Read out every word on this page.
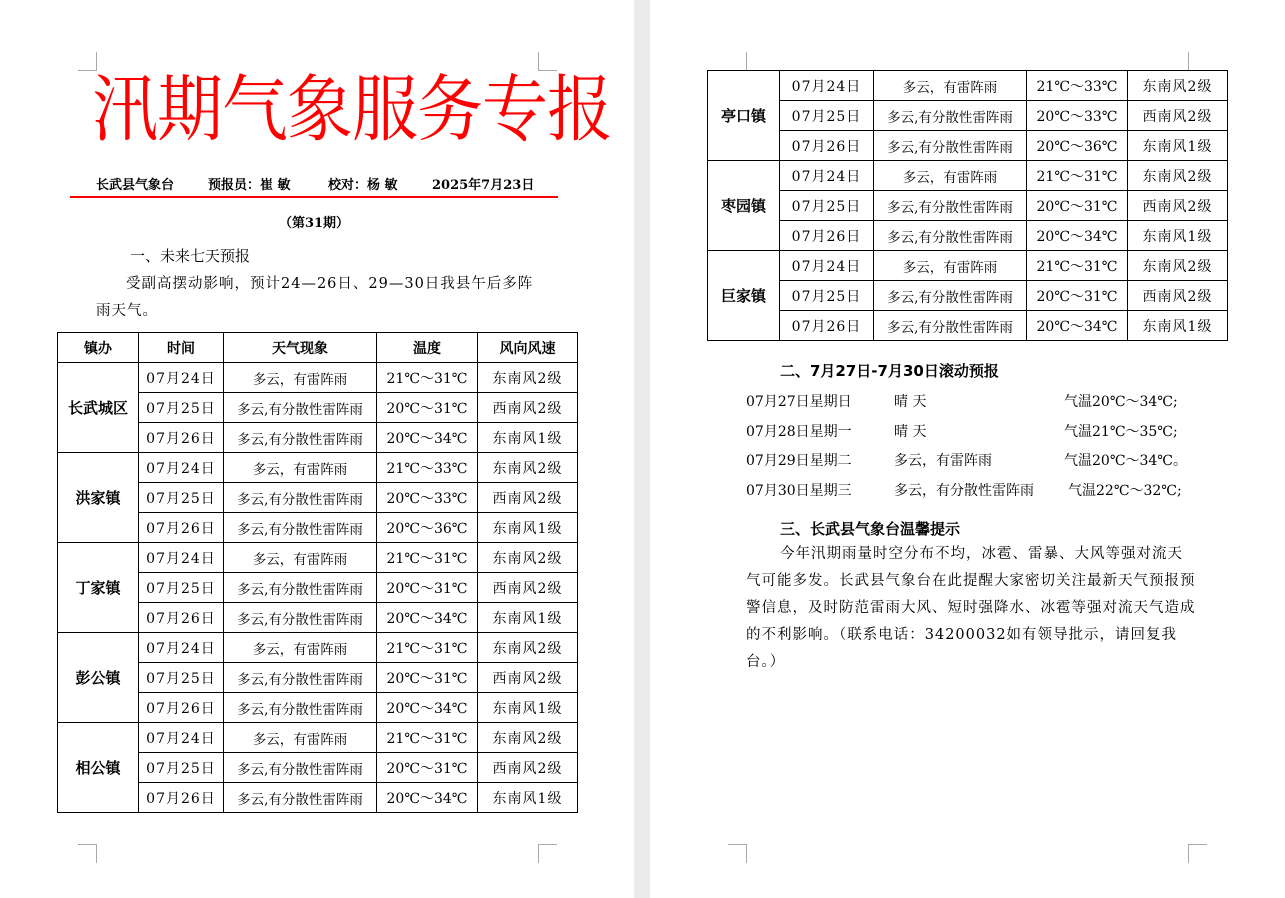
汛期气象服务专报
长武县气象台	预报员：崔 敏	校对：杨 敏	2025年7月23日
（第31期）
一、未来七天预报
受副高摆动影响，预计24—26日、29—30日我县午后多阵雨天气。
镇办	时间	天气现象	温度	风向风速
长武城区	07月24日	多云，有雷阵雨	21℃～31℃	东南风2级
	07月25日	多云,有分散性雷阵雨	20℃～31℃	西南风2级
	07月26日	多云,有分散性雷阵雨	20℃～34℃	东南风1级
洪家镇	07月24日	多云，有雷阵雨	21℃～33℃	东南风2级
	07月25日	多云,有分散性雷阵雨	20℃～33℃	西南风2级
	07月26日	多云,有分散性雷阵雨	20℃～36℃	东南风1级
丁家镇	07月24日	多云，有雷阵雨	21℃～31℃	东南风2级
	07月25日	多云,有分散性雷阵雨	20℃～31℃	西南风2级
	07月26日	多云,有分散性雷阵雨	20℃～34℃	东南风1级
彭公镇	07月24日	多云，有雷阵雨	21℃～31℃	东南风2级
	07月25日	多云,有分散性雷阵雨	20℃～31℃	西南风2级
	07月26日	多云,有分散性雷阵雨	20℃～34℃	东南风1级
相公镇	07月24日	多云，有雷阵雨	21℃～31℃	东南风2级
	07月25日	多云,有分散性雷阵雨	20℃～31℃	西南风2级
	07月26日	多云,有分散性雷阵雨	20℃～34℃	东南风1级
亭口镇	07月24日	多云，有雷阵雨	21℃～33℃	东南风2级
	07月25日	多云,有分散性雷阵雨	20℃～33℃	西南风2级
	07月26日	多云,有分散性雷阵雨	20℃～36℃	东南风1级
枣园镇	07月24日	多云，有雷阵雨	21℃～31℃	东南风2级
	07月25日	多云,有分散性雷阵雨	20℃～31℃	西南风2级
	07月26日	多云,有分散性雷阵雨	20℃～34℃	东南风1级
巨家镇	07月24日	多云，有雷阵雨	21℃～31℃	东南风2级
	07月25日	多云,有分散性雷阵雨	20℃～31℃	西南风2级
	07月26日	多云,有分散性雷阵雨	20℃～34℃	东南风1级
二、7月27日-7月30日滚动预报
07月27日星期日	晴 天	气温20℃～34℃;
07月28日星期一	晴 天	气温21℃～35℃;
07月29日星期二	多云，有雷阵雨	气温20℃～34℃。
07月30日星期三	多云，有分散性雷阵雨 气温22℃～32℃;
三、长武县气象台温馨提示
今年汛期雨量时空分布不均，冰雹、雷暴、大风等强对流天气可能多发。长武县气象台在此提醒大家密切关注最新天气预报预警信息，及时防范雷雨大风、短时强降水、冰雹等强对流天气造成的不利影响。（联系电话：34200032如有领导批示，请回复我台。）
